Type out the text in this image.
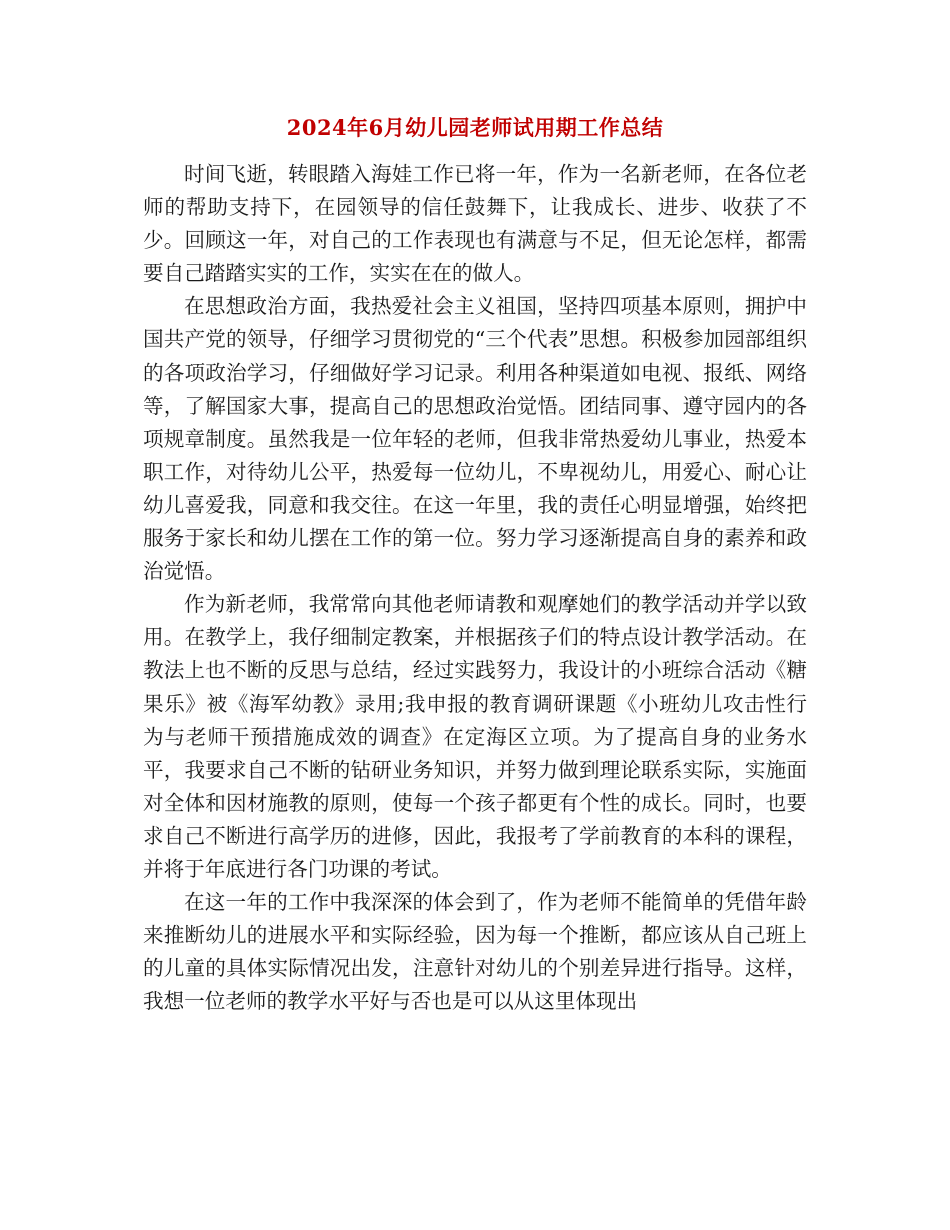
2024年6月幼儿园老师试用期工作总结

时间飞逝，转眼踏入海娃工作已将一年，作为一名新老师，在各位老师的帮助支持下，在园领导的信任鼓舞下，让我成长、进步、收获了不少。回顾这一年，对自己的工作表现也有满意与不足，但无论怎样，都需要自己踏踏实实的工作，实实在在的做人。

在思想政治方面，我热爱社会主义祖国，坚持四项基本原则，拥护中国共产党的领导，仔细学习贯彻党的“三个代表”思想。积极参加园部组织的各项政治学习，仔细做好学习记录。利用各种渠道如电视、报纸、网络等，了解国家大事，提高自己的思想政治觉悟。团结同事、遵守园内的各项规章制度。虽然我是一位年轻的老师，但我非常热爱幼儿事业，热爱本职工作，对待幼儿公平，热爱每一位幼儿，不卑视幼儿，用爱心、耐心让幼儿喜爱我，同意和我交往。在这一年里，我的责任心明显增强，始终把服务于家长和幼儿摆在工作的第一位。努力学习逐渐提高自身的素养和政治觉悟。

作为新老师，我常常向其他老师请教和观摩她们的教学活动并学以致用。在教学上，我仔细制定教案，并根据孩子们的特点设计教学活动。在教法上也不断的反思与总结，经过实践努力，我设计的小班综合活动《糖果乐》被《海军幼教》录用;我申报的教育调研课题《小班幼儿攻击性行为与老师干预措施成效的调查》在定海区立项。为了提高自身的业务水平，我要求自己不断的钻研业务知识，并努力做到理论联系实际，实施面对全体和因材施教的原则，使每一个孩子都更有个性的成长。同时，也要求自己不断进行高学历的进修，因此，我报考了学前教育的本科的课程，并将于年底进行各门功课的考试。

在这一年的工作中我深深的体会到了，作为老师不能简单的凭借年龄来推断幼儿的进展水平和实际经验，因为每一个推断，都应该从自己班上的儿童的具体实际情况出发，注意针对幼儿的个别差异进行指导。这样，我想一位老师的教学水平好与否也是可以从这里体现出
